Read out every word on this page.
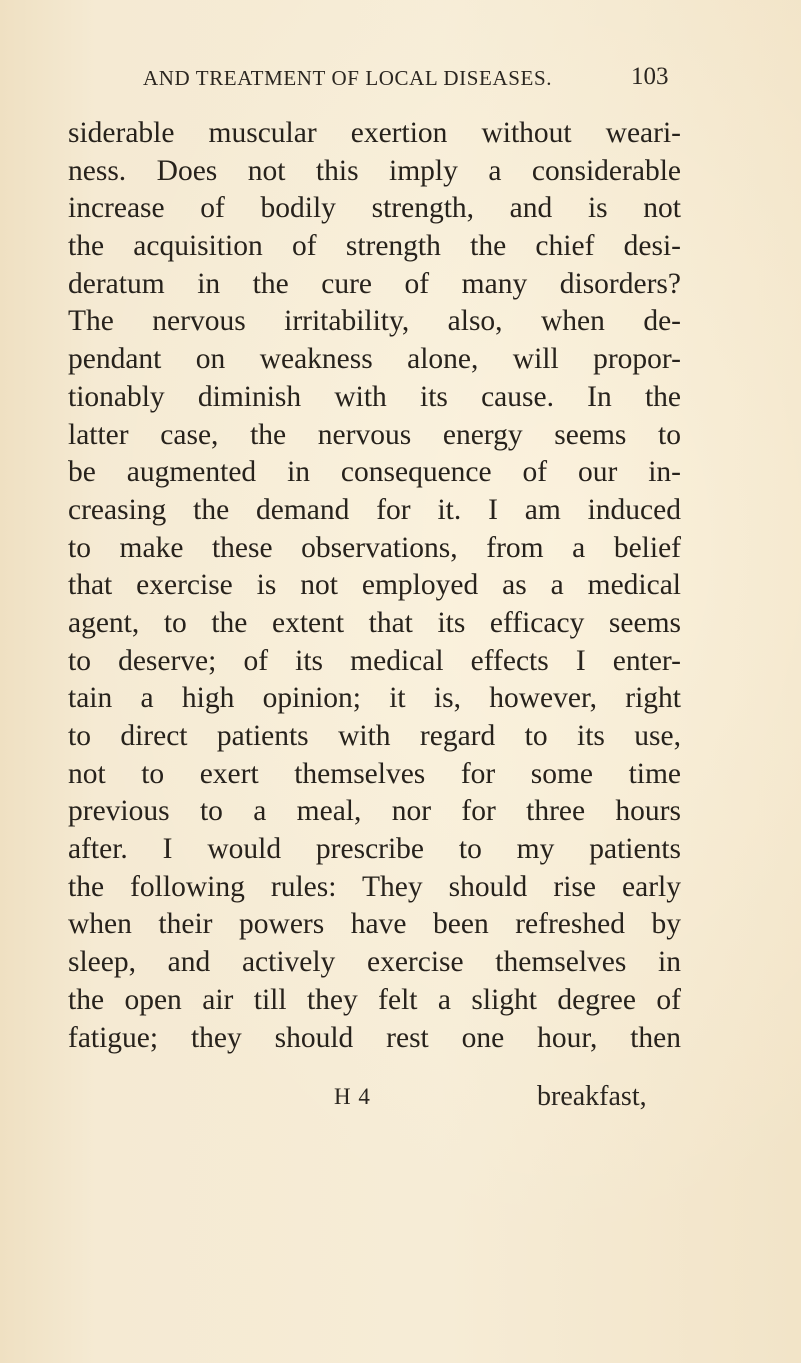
AND TREATMENT OF LOCAL DISEASES.	103
siderable muscular exertion without weari-
ness. Does not this imply a considerable
increase of bodily strength, and is not
the acquisition of strength the chief desi-
deratum in the cure of many disorders?
The nervous irritability, also, when de-
pendant on weakness alone, will propor-
tionably diminish with its cause. In the
latter case, the nervous energy seems to
be augmented in consequence of our in-
creasing the demand for it. I am induced
to make these observations, from a belief
that exercise is not employed as a medical
agent, to the extent that its efficacy seems
to deserve; of its medical effects I enter-
tain a high opinion; it is, however, right
to direct patients with regard to its use,
not to exert themselves for some time
previous to a meal, nor for three hours
after. I would prescribe to my patients
the following rules: They should rise early
when their powers have been refreshed by
sleep, and actively exercise themselves in
the open air till they felt a slight degree of
fatigue; they should rest one hour, then
H 4	breakfast,
